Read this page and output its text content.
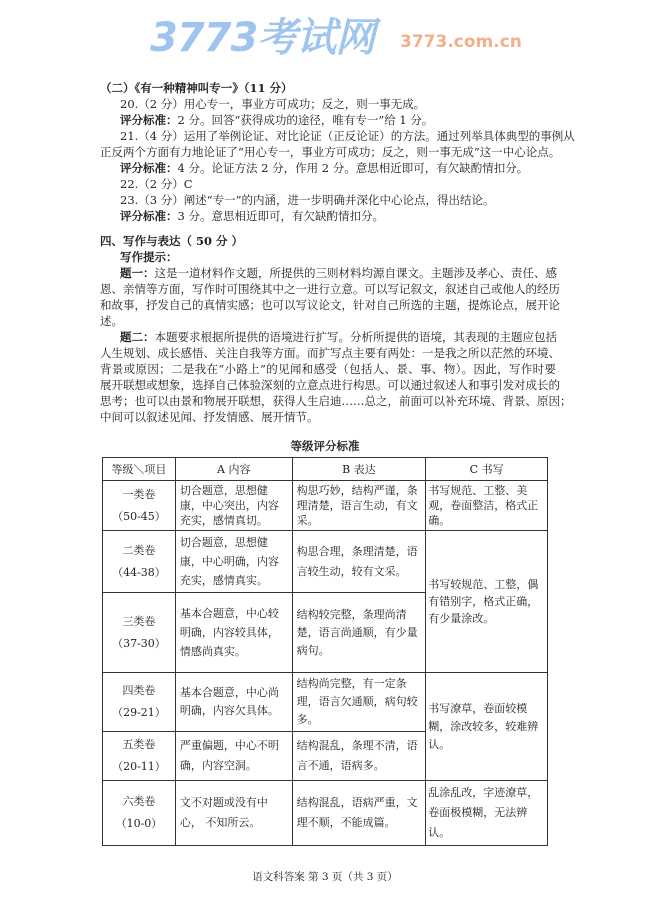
3773考试网 3773.com.cn
（二）《有一种精神叫专一》（11 分）
20.（2 分）用心专一，事业方可成功；反之，则一事无成。
评分标准：2 分。回答“获得成功的途径，唯有专一”给 1 分。
21.（4 分）运用了举例论证、对比论证（正反论证）的方法。通过列举具体典型的事例从
正反两个方面有力地论证了“用心专一，事业方可成功；反之，则一事无成”这一中心论点。
评分标准：4 分。论证方法 2 分，作用 2 分。意思相近即可，有欠缺酌情扣分。
22.（2 分）C
23.（3 分）阐述“专一”的内涵，进一步明确并深化中心论点，得出结论。
评分标准：3 分。意思相近即可，有欠缺酌情扣分。
四、写作与表达（ 50 分 ）
写作提示：
题一：这是一道材料作文题，所提供的三则材料均源自课文。主题涉及孝心、责任、感
恩、亲情等方面，写作时可围绕其中之一进行立意。可以写记叙文，叙述自己或他人的经历
和故事，抒发自己的真情实感；也可以写议论文，针对自己所选的主题，提炼论点，展开论
述。
题二：本题要求根据所提供的语境进行扩写。分析所提供的语境，其表现的主题应包括
人生规划、成长感悟、关注自我等方面。而扩写点主要有两处：一是我之所以茫然的环境、
背景或原因；二是我在“小路上”的见闻和感受（包括人、景、事、物）。因此，写作时要
展开联想或想象，选择自己体验深刻的立意点进行构思。可以通过叙述人和事引发对成长的
思考；也可以由景和物展开联想，获得人生启迪……总之，前面可以补充环境、背景、原因；
中间可以叙述见闻、抒发情感、展开情节。
等级评分标准
等级＼项目	A 内容	B 表达	C 书写

一类卷
（50-45）	切合题意，思想健康，中心突出，内容充实，感情真切。	构思巧妙，结构严谨，条理清楚，语言生动，有文采。	书写规范、工整、美观，卷面整洁，格式正确。

二类卷
（44-38）	切合题意，思想健康，中心明确，内容充实，感情真实。	构思合理，条理清楚，语言较生动，较有文采。	书写较规范、工整，偶有错别字，格式正确，有少量涂改。

三类卷
（37-30）	基本合题意，中心较明确，内容较具体，情感尚真实。	结构较完整，条理尚清楚，语言尚通顺，有少量病句。	

四类卷
（29-21）	基本合题意，中心尚明确，内容欠具体。	结构尚完整，有一定条理，语言欠通顺，病句较多。	书写潦草，卷面较模糊，涂改较多，较难辨认。

五类卷
（20-11）	严重偏题，中心不明确，内容空洞。	结构混乱，条理不清，语言不通，语病多。	

六类卷
（10-0）	文不对题或没有中心， 不知所云。	结构混乱，语病严重，文理不顺，不能成篇。	乱涂乱改，字迹潦草，卷面极模糊，无法辨认。
语文科答案 第 3 页（共 3 页）
